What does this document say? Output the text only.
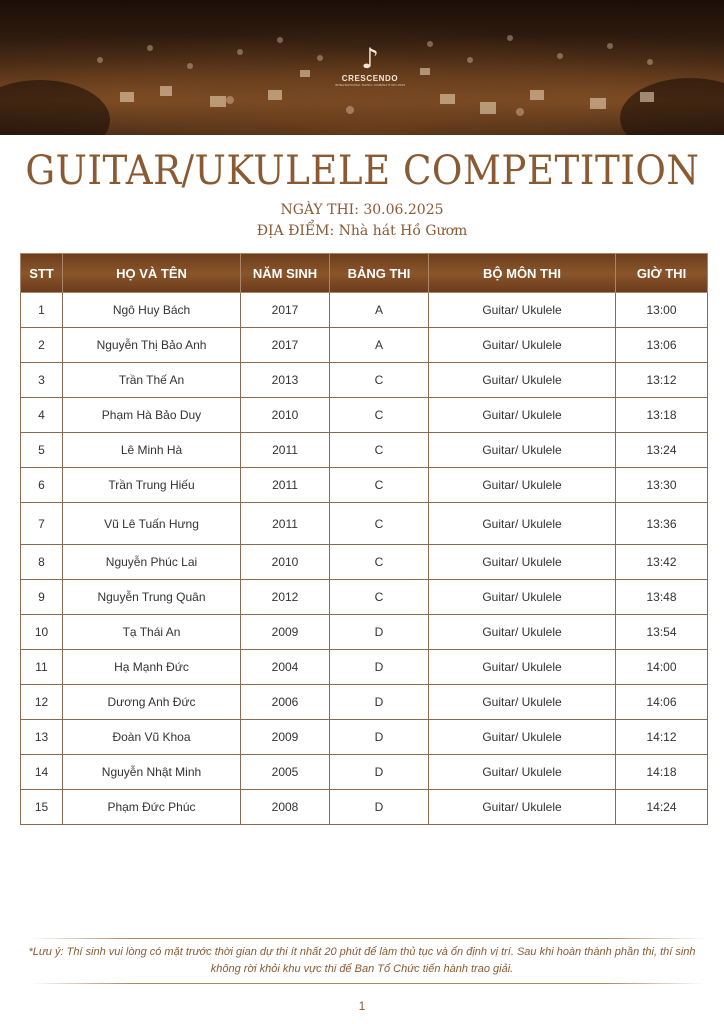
♪
CRESCENDO
INTERNATIONAL MUSIC COMPETITION 2025
GUITAR/UKULELE COMPETITION
NGÀY THI: 30.06.2025
ĐỊA ĐIỂM: Nhà hát Hồ Gươm
STT	HỌ VÀ TÊN	NĂM SINH	BẢNG THI	BỘ MÔN THI	GIỜ THI
1	Ngô Huy Bách	2017	A	Guitar/ Ukulele	13:00
2	Nguyễn Thị Bảo Anh	2017	A	Guitar/ Ukulele	13:06
3	Trần Thế An	2013	C	Guitar/ Ukulele	13:12
4	Phạm Hà Bảo Duy	2010	C	Guitar/ Ukulele	13:18
5	Lê Minh Hà	2011	C	Guitar/ Ukulele	13:24
6	Trần Trung Hiếu	2011	C	Guitar/ Ukulele	13:30
7	Vũ Lê Tuấn Hưng	2011	C	Guitar/ Ukulele	13:36
8	Nguyễn Phúc Lai	2010	C	Guitar/ Ukulele	13:42
9	Nguyễn Trung Quân	2012	C	Guitar/ Ukulele	13:48
10	Tạ Thái An	2009	D	Guitar/ Ukulele	13:54
11	Hạ Mạnh Đức	2004	D	Guitar/ Ukulele	14:00
12	Dương Anh Đức	2006	D	Guitar/ Ukulele	14:06
13	Đoàn Vũ Khoa	2009	D	Guitar/ Ukulele	14:12
14	Nguyễn Nhật Minh	2005	D	Guitar/ Ukulele	14:18
15	Phạm Đức Phúc	2008	D	Guitar/ Ukulele	14:24
*Lưu ý: Thí sinh vui lòng có mặt trước thời gian dự thi ít nhất 20 phút để làm thủ tục và ổn định vị trí. Sau khi hoàn thành phần thi, thí sinh không rời khỏi khu vực thi để Ban Tổ Chức tiến hành trao giải.
1
